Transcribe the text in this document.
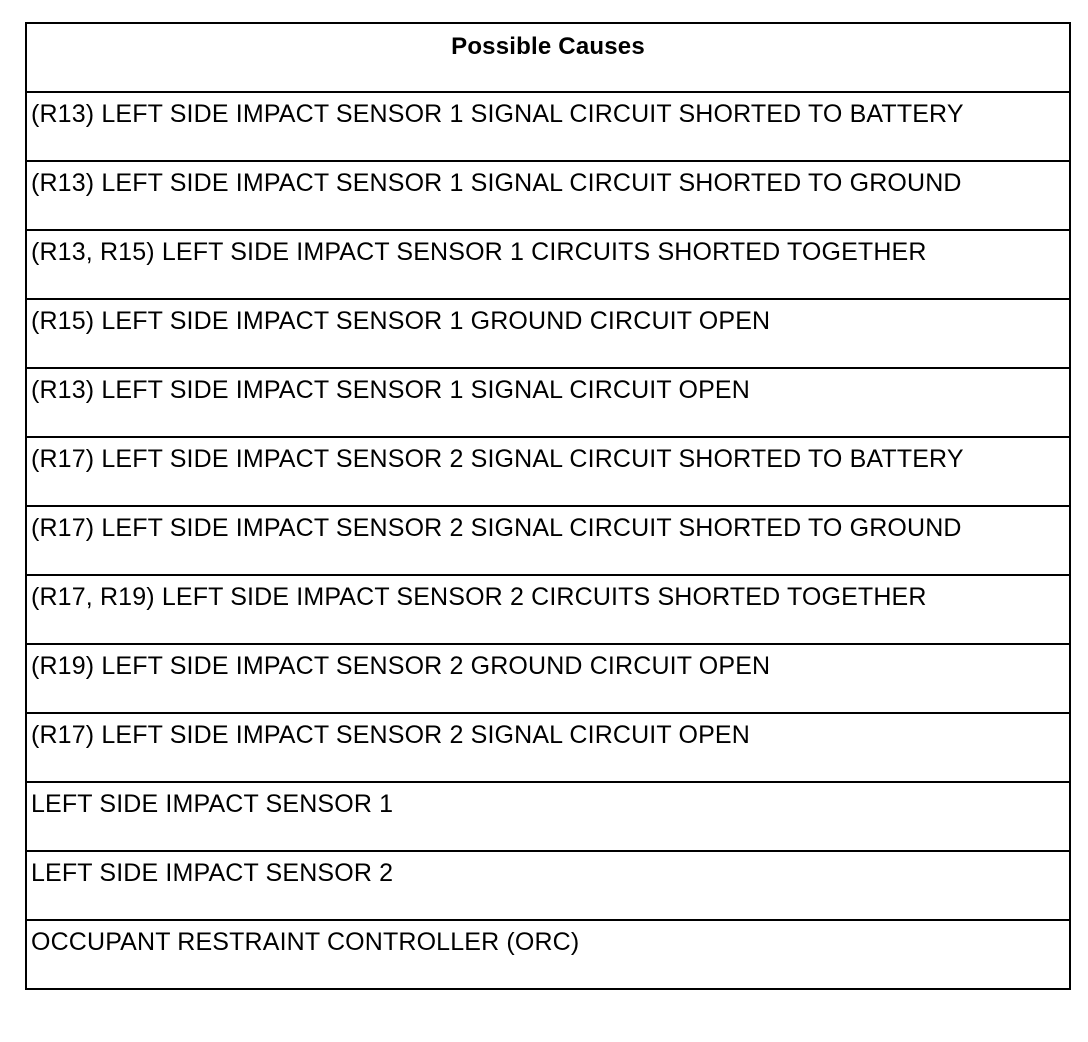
Possible Causes
(R13) LEFT SIDE IMPACT SENSOR 1 SIGNAL CIRCUIT SHORTED TO BATTERY
(R13) LEFT SIDE IMPACT SENSOR 1 SIGNAL CIRCUIT SHORTED TO GROUND
(R13, R15) LEFT SIDE IMPACT SENSOR 1 CIRCUITS SHORTED TOGETHER
(R15) LEFT SIDE IMPACT SENSOR 1 GROUND CIRCUIT OPEN
(R13) LEFT SIDE IMPACT SENSOR 1 SIGNAL CIRCUIT OPEN
(R17) LEFT SIDE IMPACT SENSOR 2 SIGNAL CIRCUIT SHORTED TO BATTERY
(R17) LEFT SIDE IMPACT SENSOR 2 SIGNAL CIRCUIT SHORTED TO GROUND
(R17, R19) LEFT SIDE IMPACT SENSOR 2 CIRCUITS SHORTED TOGETHER
(R19) LEFT SIDE IMPACT SENSOR 2 GROUND CIRCUIT OPEN
(R17) LEFT SIDE IMPACT SENSOR 2 SIGNAL CIRCUIT OPEN
LEFT SIDE IMPACT SENSOR 1
LEFT SIDE IMPACT SENSOR 2
OCCUPANT RESTRAINT CONTROLLER (ORC)
